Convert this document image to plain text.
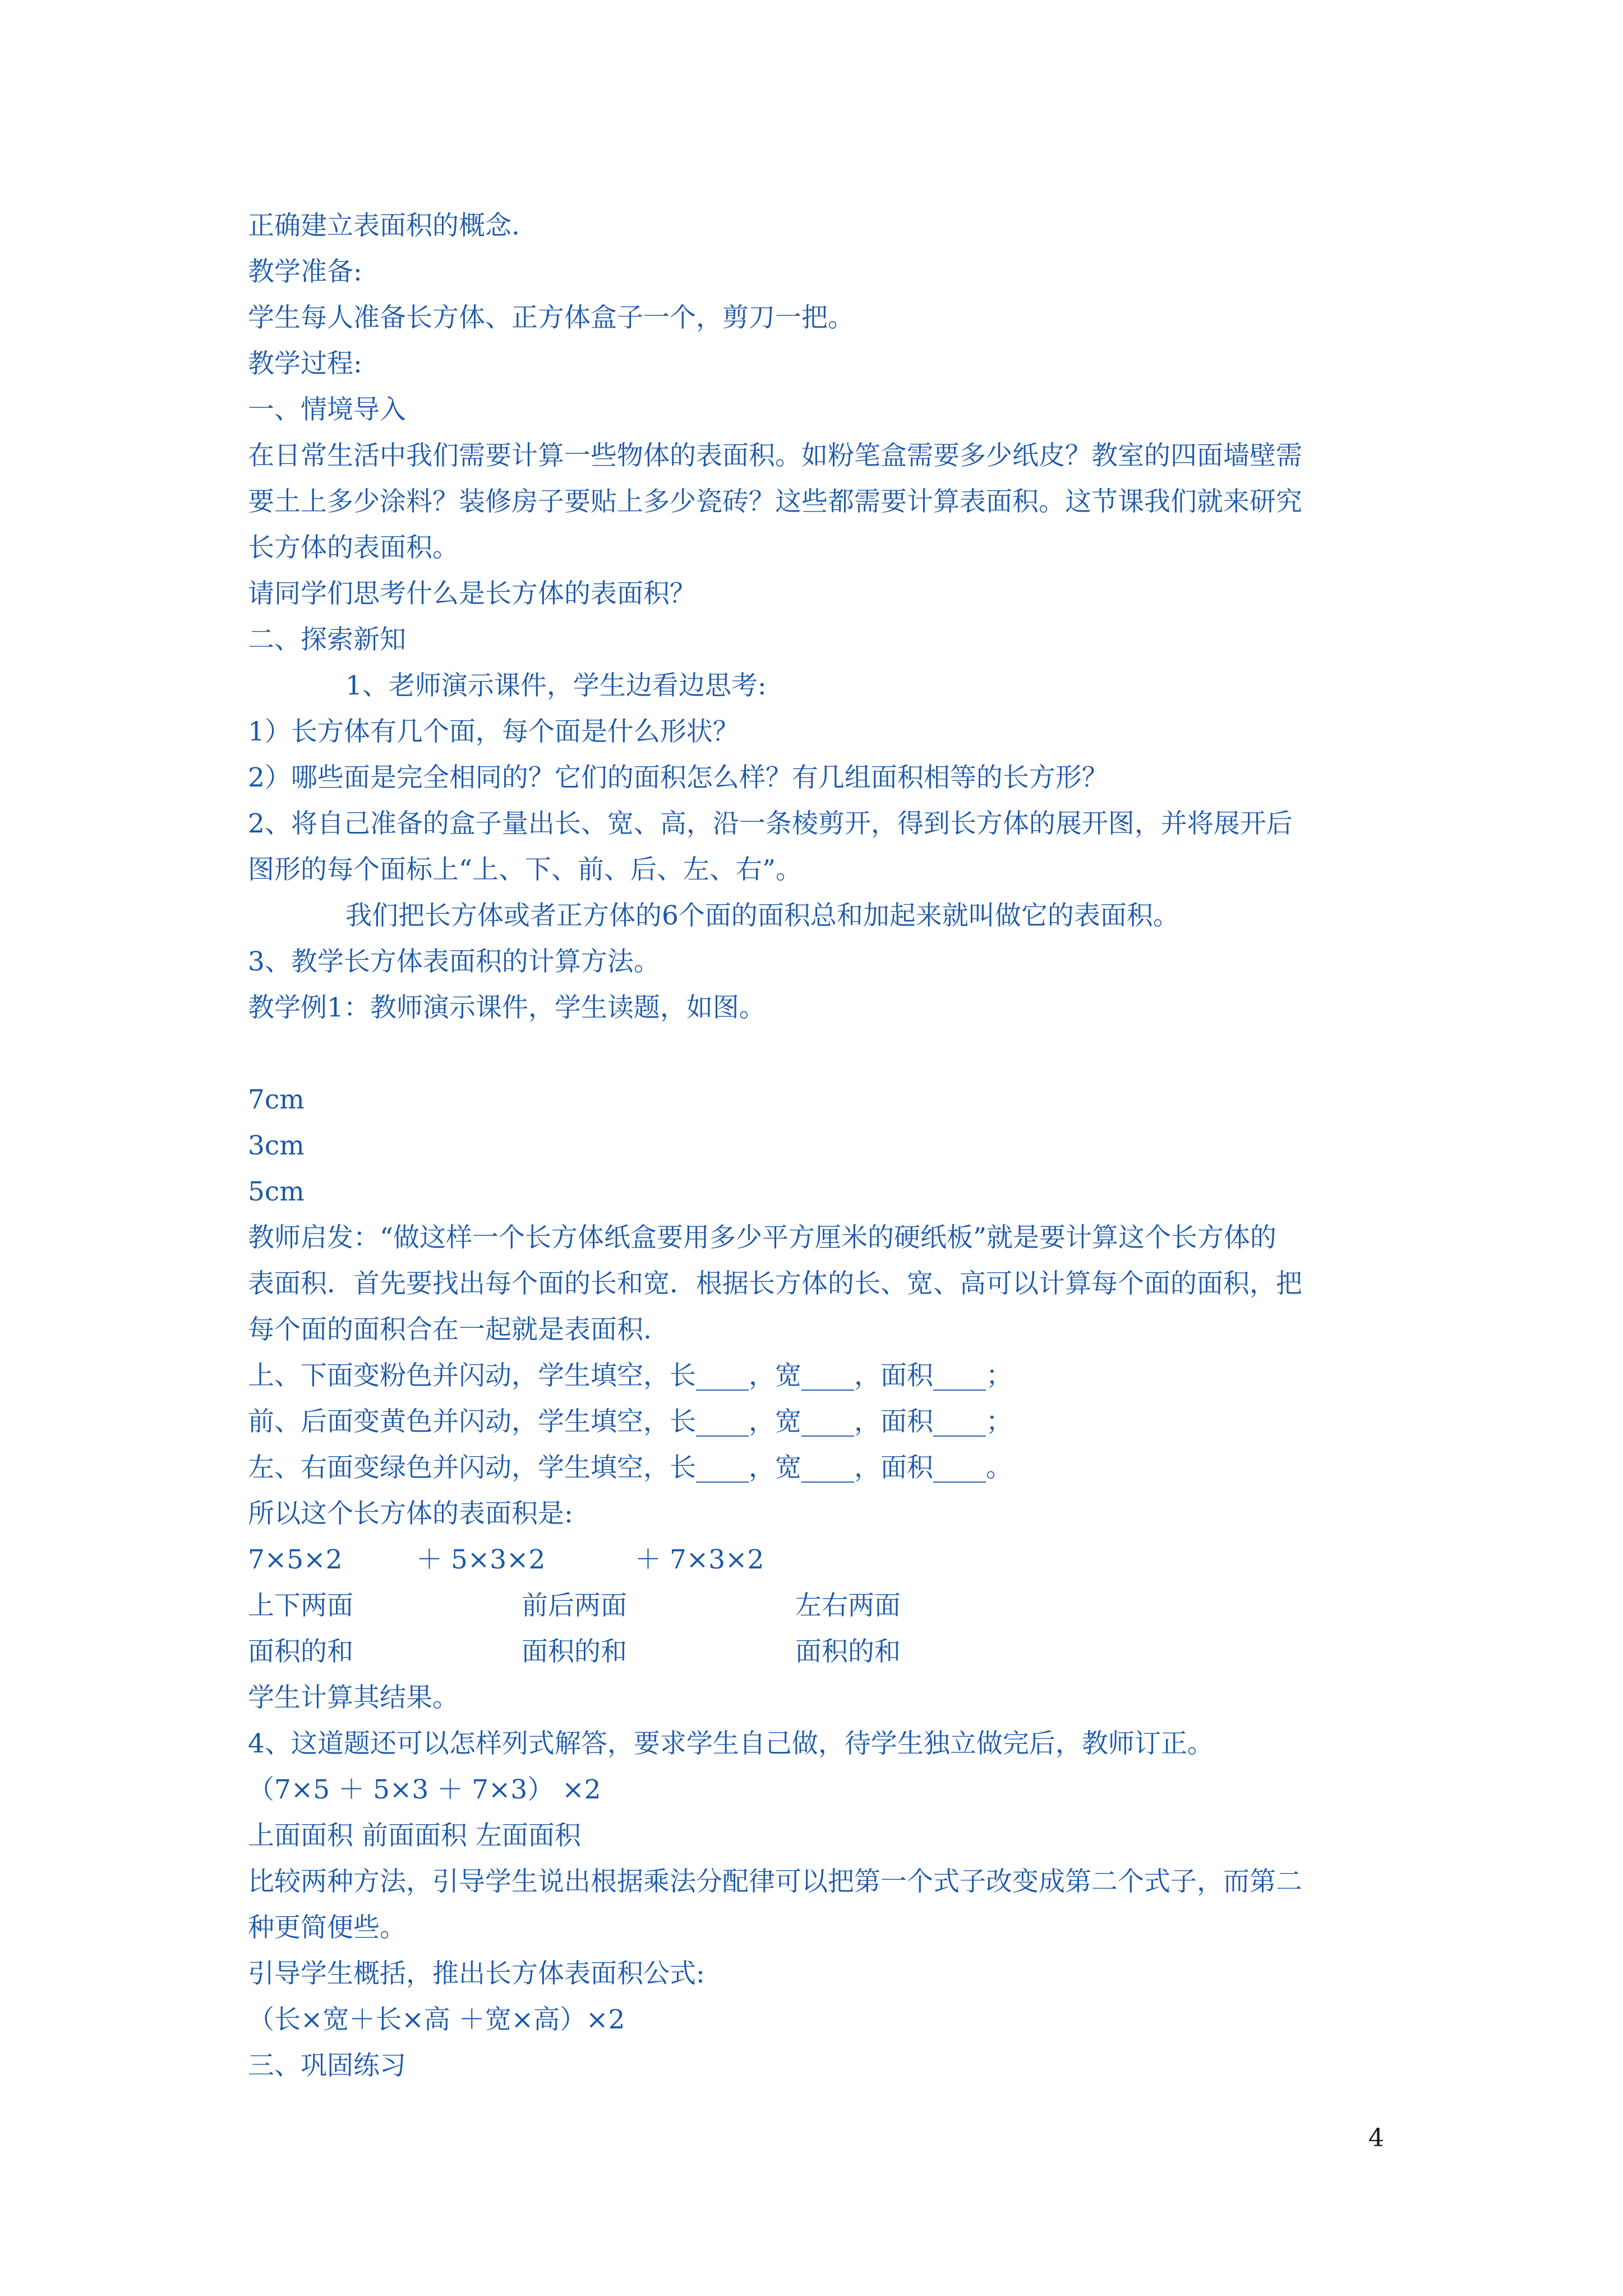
正确建立表面积的概念.
教学准备:
学生每人准备长方体、正方体盒子一个，剪刀一把。
教学过程:
一、情境导入
在日常生活中我们需要计算一些物体的表面积。如粉笔盒需要多少纸皮？教室的四面墙壁需
要土上多少涂料？装修房子要贴上多少瓷砖？这些都需要计算表面积。这节课我们就来研究
长方体的表面积。
请同学们思考什么是长方体的表面积？
二、探索新知
1、老师演示课件，学生边看边思考:
1）长方体有几个面，每个面是什么形状？
2）哪些面是完全相同的？它们的面积怎么样？有几组面积相等的长方形？
2、将自己准备的盒子量出长、宽、高，沿一条棱剪开，得到长方体的展开图，并将展开后
图形的每个面标上“上、下、前、后、左、右”。
我们把长方体或者正方体的6个面的面积总和加起来就叫做它的表面积。
3、教学长方体表面积的计算方法。
教学例1：教师演示课件，学生读题，如图。
7cm
3cm
5cm
教师启发：“做这样一个长方体纸盒要用多少平方厘米的硬纸板”就是要计算这个长方体的
表面积．首先要找出每个面的长和宽．根据长方体的长、宽、高可以计算每个面的面积，把
每个面的面积合在一起就是表面积.
上、下面变粉色并闪动，学生填空，长____，宽____，面积____；
前、后面变黄色并闪动，学生填空，长____，宽____，面积____；
左、右面变绿色并闪动，学生填空，长____，宽____，面积____。
所以这个长方体的表面积是:
7×5×2	＋ 5×3×2	＋ 7×3×2
上下两面	前后两面	左右两面
面积的和	面积的和	面积的和
学生计算其结果。
4、这道题还可以怎样列式解答，要求学生自己做，待学生独立做完后，教师订正。
（7×5 ＋ 5×3 ＋ 7×3） ×2
上面面积 前面面积 左面面积
比较两种方法，引导学生说出根据乘法分配律可以把第一个式子改变成第二个式子，而第二
种更简便些。
引导学生概括，推出长方体表面积公式:
（长×宽＋长×高 ＋宽×高）×2
三、巩固练习
4
